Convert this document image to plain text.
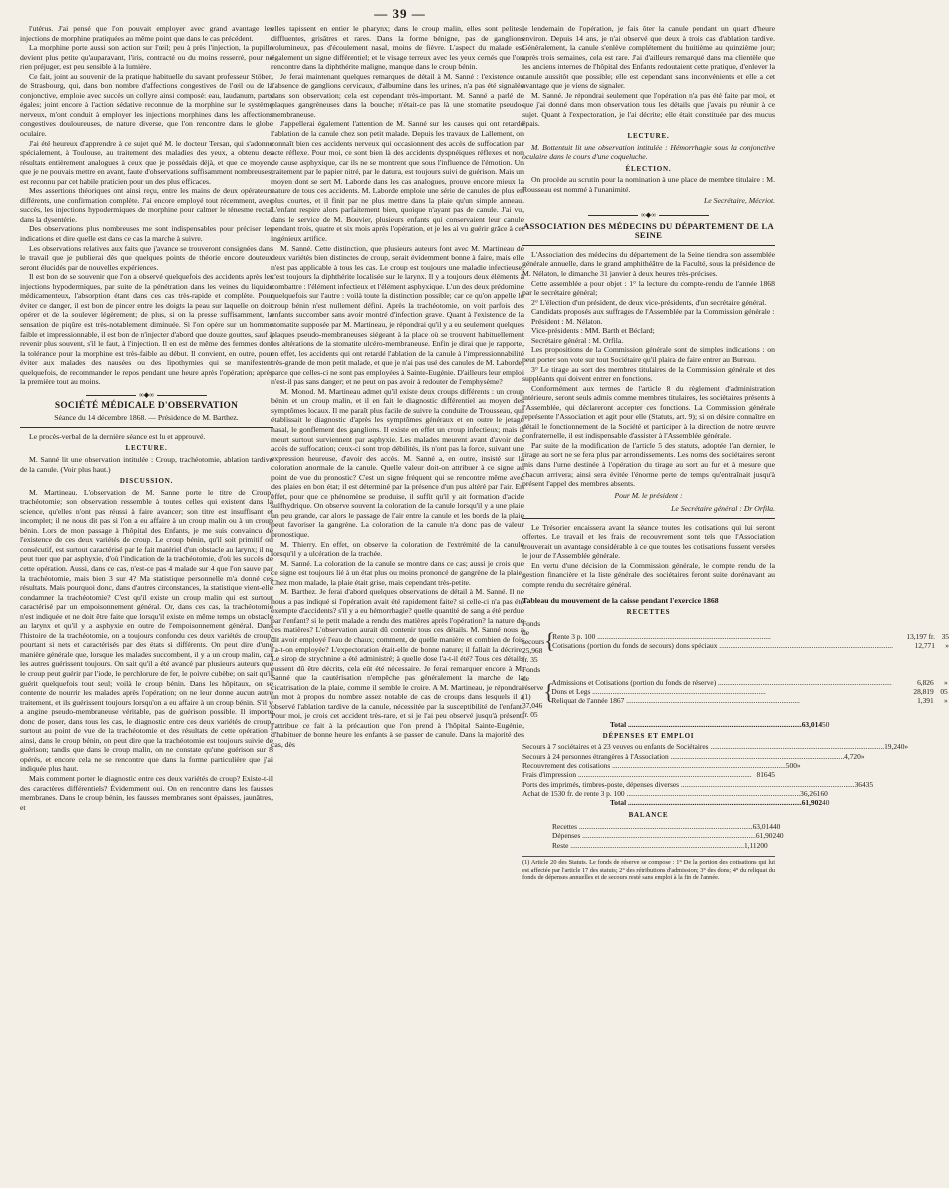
— 39 —

l'utérus. J'ai pensé que l'on pouvait employer avec grand avantage les injections de morphine pratiquées au même point que dans le cas précédent.

La morphine porte aussi son action sur l'œil; peu à près l'injection, la pupille devient plus petite qu'auparavant, l'iris, contracté ou du moins resserré, pour ne rien préjuger, est peu sensible à la lumière.

Ce fait, joint au souvenir de la pratique habituelle du savant professeur Stöber, de Strasbourg, qui, dans bon nombre d'affections congestives de l'œil ou de la conjonctive, emploie avec succès un collyre ainsi composé: eau, laudanum, parts égales; joint encore à l'action sédative reconnue de la morphine sur le système nerveux, m'ont conduit à employer les injections morphines dans les affections congestives douloureuses, de nature diverse, que l'on rencontre dans le globe oculaire.

J'ai été heureux d'apprendre à ce sujet qué M. le docteur Tersan, qui s'adonne spécialement, à Toulouse, au traitement des maladies des yeux, a obtenu des résultats entièrement analogues à ceux que je possédais déjà, et que ce moyen, que je ne pouvais mettre en avant, faute d'observations suffisamment nombreuses, est reconnu par cet habile praticien pour un des plus efficaces.

Mes assertions théoriques ont ainsi reçu, entre les mains de deux opérateurs différents, une confirmation complète. J'ai encore employé tout récemment, avec succès, les injections hypodermiques de morphine pour calmer le ténesme rectal dans la dysentérie.

Des observations plus nombreuses me sont indispensables pour préciser les indications et dire quelle est dans ce cas la marche à suivre.

Les observations relatives aux faits que j'avance se trouveront consignées dans le travail que je publierai dès que quelques points de théorie encore douteux seront élucidés par de nouvelles expériences.

Il est bon de se souvenir que l'on a observé quelquefois des accidents après les injections hypodermiques, par suite de la pénétration dans les veines du liquide médicamenteux, l'absorption étant dans ces cas très-rapide et complète. Pour éviter ce danger, il est bon de pincer entre les doigts la peau sur laquelle on doit opérer et de la soulever légèrement; de plus, si on la presse suffisamment, la sensation de piqûre est très-notablement diminuée. Si l'on opère sur un homme faible et impressionnable, il est bon de n'injecter d'abord que douze gouttes, sauf à revenir plus souvent, s'il le faut, à l'injection. Il en est de même des femmes dont la tolérance pour la morphine est très-faible au début. Il convient, en outre, pour éviter aux malades des nausées ou des lipothymies qui se manifestent quelquefois, de recommander le repos pendant une heure après l'opération; après la première tout au moins.

∞◆∞
SOCIÉTÉ MÉDICALE D'OBSERVATION

Séance du 14 décembre 1868. — Présidence de M. Barthez.

Le procès-verbal de la dernière séance est lu et approuvé.

LECTURE.

M. Sanné lit une observation intitulée : Croup, trachéotomie, ablation tardive de la canule. (Voir plus haut.)

DISCUSSION.

M. Martineau. L'observation de M. Sanne porte le titre de Croup, trachéotomie; son observation ressemble à toutes celles qui existent dans la science, qu'elles n'ont pas réussi à faire avancer; son titre est insuffisant et incomplet; il ne nous dit pas si l'on a eu affaire à un croup malin ou à un croup bénin. Lors de mon passage à l'hôpital des Enfants, je me suis convaincu de l'existence de ces deux variétés de croup. Le croup bénin, qu'il soit primitif ou consécutif, est surtout caractérisé par le fait matériel d'un obstacle au larynx; il ne peut tuer que par asphyxie, d'où l'indication de la trachéotomie, d'où les succès de cette opération. Aussi, dans ce cas, n'est-ce pas 4 malade sur 4 que l'on sauve par la trachéotomie, mais bien 3 sur 4? Ma statistique personnelle m'a donné ces résultats. Mais pourquoi donc, dans d'autres circonstances, la statistique vient-elle condamner la trachéotomie? C'est qu'il existe un croup malin qui est surtout caractérisé par un empoisonnement général. Or, dans ces cas, la trachéotomie n'est indiquée et ne doit être faite que lorsqu'il existe en même temps un obstacle au larynx et qu'il y a asphyxie en outre de l'empoisonnement général. Dans l'histoire de la trachéotomie, on a toujours confondu ces deux variétés de croup, pourtant si nets et caractérisés par des états si différents. On peut dire d'une manière générale que, lorsque les malades succombent, il y a un croup malin, car les autres guérissent toujours. On sait qu'il a été avancé par plusieurs auteurs que le croup peut guérir par l'iode, le perchlorure de fer, le poivre cubèbe; on sait qu'il guérit quelquefois tout seul; voilà le croup bénin. Dans les hôpitaux, on se contente de nourrir les malades après l'opération; on ne leur donne aucun autre traitement, et ils guérissent toujours lorsqu'on a eu affaire à un croup bénin. S'il y a angine pseudo-membraneuse véritable, pas de guérison possible. Il importe donc de poser, dans tous les cas, le diagnostic entre ces deux variétés de croup, surtout au point de vue de la trachéotomie et des résultats de cette opération : ainsi, dans le croup bénin, on peut dire que la trachéotomie est toujours suivie de guérison; tandis que dans le croup malin, on ne constate qu'une guérison sur 8 opérés, et encore cela ne se rencontre que dans la forme particulière que j'ai indiquée plus haut.

Mais comment porter le diagnostic entre ces deux variétés de croup? Existe-t-il des caractères différentiels? Évidemment oui. On en rencontre dans les fausses membranes. Dans le croup bénin, les fausses membranes sont épaisses, jaunâtres, et

elles tapissent en entier le pharynx; dans le croup malin, elles sont pelites, diffluentes, grisâtres et rares. Dans la forme bénigne, pas de ganglions volumineux, pas d'écoulement nasal, moins de fièvre. L'aspect du malade est également un signe différentiel; et le visage terreux avec les yeux cernés que l'on rencontre dans la diphthérite maligne, manque dans le croup bénin.

Je ferai maintenant quelques remarques de détail à M. Sanné : l'existence ou l'absence de ganglions cervicaux, d'albumine dans les urines, n'a pas été signalée dans son observation; cela est cependant très-important. M. Sanné a parlé de plaques gangréneuses dans la bouche; n'était-ce pas là une stomatite pseudo-membraneuse.

J'appellerai également l'attention de M. Sanné sur les causes qui ont retardé l'ablation de la canule chez son petit malade. Depuis les travaux de Lallement, on connaît bien ces accidents nerveux qui occasionnent des accès de suffocation par acte réflexe. Pour moi, ce sont bien là des accidents dyspnéiques réflexes et non de cause asphyxique, car ils ne se montrent que sous l'influence de l'émotion. Un traitement par le papier nitré, par le datura, est toujours suivi de guérison. Mais un moyen dont se sert M. Laborde dans les cas analogues, prouve encore mieux la nature de tous ces accidents. M. Laborde emploie une série de canules de plus en plus courtes, et il finit par ne plus mettre dans la plaie qu'un simple anneau. L'enfant respire alors parfaitement bien, quoique n'ayant pas de canule. J'ai vu, dans le service de M. Bouvier, plusieurs enfants qui conservaient leur canule pendant trois, quatre et six mois après l'opération, et je les ai vu guérir grâce à cet ingénieux artifice.

M. Sanné. Cette distinction, que plusieurs auteurs font avec M. Martineau de deux variétés bien distinctes de croup, serait évidemment bonne à faire, mais elle n'est pas applicable à tous les cas. Le croup est toujours une maladie infectieuse, c'est toujours la diphthérite localisée sur le larynx. Il y a toujours deux éléments à combattre : l'élément infectieux et l'élément asphyxique. L'un des deux prédomine quelquefois sur l'autre : voilà toute la distinction possible; car ce qu'on appelle le croup bénin n'est nullement défini. Après la trachéotomie, on voit parfois des enfants succomber sans avoir montré d'infection grave. Quant à l'existence de la stomatite supposée par M. Martineau, je répondrai qu'il y a eu seulement quelques plaques pseudo-membraneuses siégeant à la place où se trouvent habituellement les altérations de la stomatite ulcéro-membraneuse. Enfin je dirai que je rapporte, en effet, les accidents qui ont retardé l'ablation de la canule à l'impressionnabilité très-grande de mon petit malade, et que je n'ai pas usé des canules de M. Laborde, parce que celles-ci ne sont pas employées à Sainte-Eugénie. D'ailleurs leur emploi n'est-il pas sans danger; et ne peut on pas avoir à redouter de l'emphysème?

M. Monod. M. Martineau admet qu'il existe deux croups différents : un croup bénin et un croup malin, et il en fait le diagnostic différentiel au moyen des symptômes locaux. Il me paraît plus facile de suivre la conduite de Trousseau, qui établissait le diagnostic d'après les symptômes généraux et en outre le jetage nasal, le gonflement des ganglions. Il existe en effet un croup infectieux; mais il meurt surtout surviennent par asphyxie. Les malades meurent avant d'avoir des accès de suffocation; ceux-ci sont trop débilités, ils n'ont pas la force, suivant une expression heureuse, d'avoir des accès. M. Sanné a, en outre, insisté sur la coloration anormale de la canule. Quelle valeur doit-on attribuer à ce signe au point de vue du pronostic? C'est un signe fréquent qui se rencontre même avec des plaies en bon état; il est déterminé par la présence d'un pus altéré par l'air. En effet, pour que ce phénomène se produise, il suffit qu'il y ait formation d'acide sulfhydrique. On observe souvent la coloration de la canule lorsqu'il y a une plaie un peu grande, car alors le passage de l'air entre la canule et les bords de la plaie peut favoriser la gangrène. La coloration de la canule n'a donc pas de valeur pronostique.

M. Thierry. En effet, on observe la coloration de l'extrémité de la canule lorsqu'il y a ulcération de la trachée.

M. Sanné. La coloration de la canule se montre dans ce cas; aussi je crois que ce signe est toujours lié à un état plus ou moins prononcé de gangrène de la plaie. Chez mon malade, la plaie était grise, mais cependant très-petite.

M. Barthez. Je ferai d'abord quelques observations de détail à M. Sanné. Il ne nous a pas indiqué si l'opération avait été rapidement faite? si celle-ci n'a pas été exempte d'accidents? s'il y a eu hémorrhagie? quelle quantité de sang a été perdue par l'enfant? si le petit malade a rendu des matières après l'opération? la nature de ces matières? L'observation aurait dû contenir tous ces détails. M. Sanné nous a dit avoir employé l'eau de chaux; comment, de quelle manière et combien de fois l'a-t-on employée? L'expectoration était-elle de bonne nature; il fallait la décrire. Le sirop de strychnine a été administré; à quelle dose l'a-t-il été? Tous ces détails eussent dû être décrits, cela eût été nécessaire. Je ferai remarquer encore à M. Sanné que la cautérisation n'empêche pas généralement la marche de la cicatrisation de la plaie, comme il semble le croire. A M. Martineau, je répondrai un mot à propos du nombre assez notable de cas de croups dans lesquels il a observé l'ablation tardive de la canule, nécessitée par la susceptibilité de l'enfant. Pour moi, je crois cet accident très-rare, et si je l'ai peu observé jusqu'à présent, j'attribue ce fait à la précaution que l'on prend à l'hôpital Sainte-Eugénie, d'habituer de bonne heure les enfants à se passer de canule. Dans la majorité des cas, dès

le lendemain de l'opération, je fais ôter la canule pendant un quart d'heure environ. Depuis 14 ans, je n'ai observé que deux à trois cas d'ablation tardive. Généralement, la canule s'enlève complétement du huitième au quinzième jour; après trois semaines, cela est rare. J'ai d'ailleurs remarqué dans ma clientèle que les anciens internes de l'hôpital des Enfants redoutaient cette pratique, d'enlever la canule aussitôt que possible; elle est cependant sans inconvénients et elle a cet avantage que je viens de signaler.

M. Sanné. Je répondrai seulement que l'opération n'a pas été faite par moi, et que j'ai donné dans mon observation tous les détails que j'avais pu réunir à ce sujet. Quant à l'expectoration, je l'ai décrite; elle était constituée par des mucus épais.

LECTURE.

M. Bottentuit lit une observation intitulée : Hémorrhagie sous la conjonctive oculaire dans le cours d'une coqueluche.

ÉLECTION.

On procède au scrutin pour la nomination à une place de membre titulaire : M. Rousseau est nommé à l'unanimité.

Le Secrétaire, Mécriot.
∞◆∞
ASSOCIATION DES MÉDECINS DU DÉPARTEMENT DE LA SEINE

L'Association des médecins du département de la Seine tiendra son assemblée générale annuelle, dans le grand amphithéâtre de la Faculté, sous la présidence de M. Nélaton, le dimanche 31 janvier à deux heures très-précises.

Cette assemblée a pour objet : 1° la lecture du compte-rendu de l'année 1868 par le secrétaire général;

2° L'élection d'un président, de deux vice-présidents, d'un secrétaire général.

Candidats proposés aux suffrages de l'Assemblée par la Commission générale :

Président : M. Nélaton.

Vice-présidents : MM. Barth et Béclard;

Secrétaire général : M. Orfila.

Les propositions de la Commission générale sont de simples indications : on peut porter son vote sur tout Sociétaire qu'il plaira de faire entrer au Bureau.

3° Le tirage au sort des membres titulaires de la Commission générale et des suppléants qui doivent entrer en fonctions.

Conformément aux termes de l'article 8 du règlement d'administration intérieure, seront seuls admis comme membres titulaires, les sociétaires présents à l'Assemblée, qui déclareront accepter ces fonctions. La Commission générale représente l'Association et agit pour elle (Statuts, art. 9); si on désire connaître en détail le fonctionnement de la Société et participer à la direction de notre œuvre confraternelle, il est indispensable d'assister à l'Assemblée générale.

Par suite de la modification de l'article 5 des statuts, adoptée l'an dernier, le tirage au sort ne se fera plus par arrondissements. Les noms des sociétaires seront mis dans l'urne destinée à l'opération du tirage au sort au fur et à mesure que chacun arrivera; ainsi sera évitée l'énorme perte de temps qu'entraînait jusqu'à présent l'appel des membres absents.

Pour M. le président :
Le Secrétaire général : Dr Orfila.

Le Trésorier encaissera avant la séance toutes les cotisations qui lui seront offertes. Le travail et les frais de recouvrement sont tels que l'Association trouverait un avantage considérable à ce que toutes les cotisations fussent versées le jour de l'Assemblée générale.

En vertu d'une décision de la Commission générale, le compte rendu de la gestion financière et la liste générale des sociétaires feront suite dorénavant au compte rendu du secrétaire général.

Tableau du mouvement de la caisse pendant l'exercice 1868
RECETTES
Fonds de secours 25,968 fr. 35
{
Rente 3 p. 100 .....	13,197 fr. 35
Cotisations (portion du fonds de secours) dons spéciaux .....	12,771	»
Fonds de réserve (1) 37,046 fr. 05
{
Admissions et Cotisations (portion du fonds de réserve) .....	6,826	»
Dons et Legs .....	28,819 05
Reliquat de l'année 1867 .....	1,391	»
Total .....	63,014 50
DÉPENSES ET EMPLOI
Secours à 7 sociétaires et à 23 veuves ou enfants de Sociétaires .....	19,240 »
Secours à 24 personnes étrangères à l'Association .....	4,720 »
Recouvrement des cotisations .....	500 »
Frais d'impression .....	816 45
Ports des imprimés, timbres-poste, dépenses diverses .....	364 35
Achat de 1530 fr. de rente 3 p. 100 .....	36,261 60
Total .....	61,902 40
BALANCE
Recettes .....	63,014 40
Dépenses .....	61,902 40
Reste .....	1,112 00

(1) Article 20 des Statuts. Le fonds de réserve se compose : 1° De la portion des cotisations qui lui est affectée par l'article 17 des statuts; 2° des rétributions d'admission; 3° des dons; 4° du reliquat du fonds de dépenses annuelles et de secours resté sans emploi à la fin de l'année.
